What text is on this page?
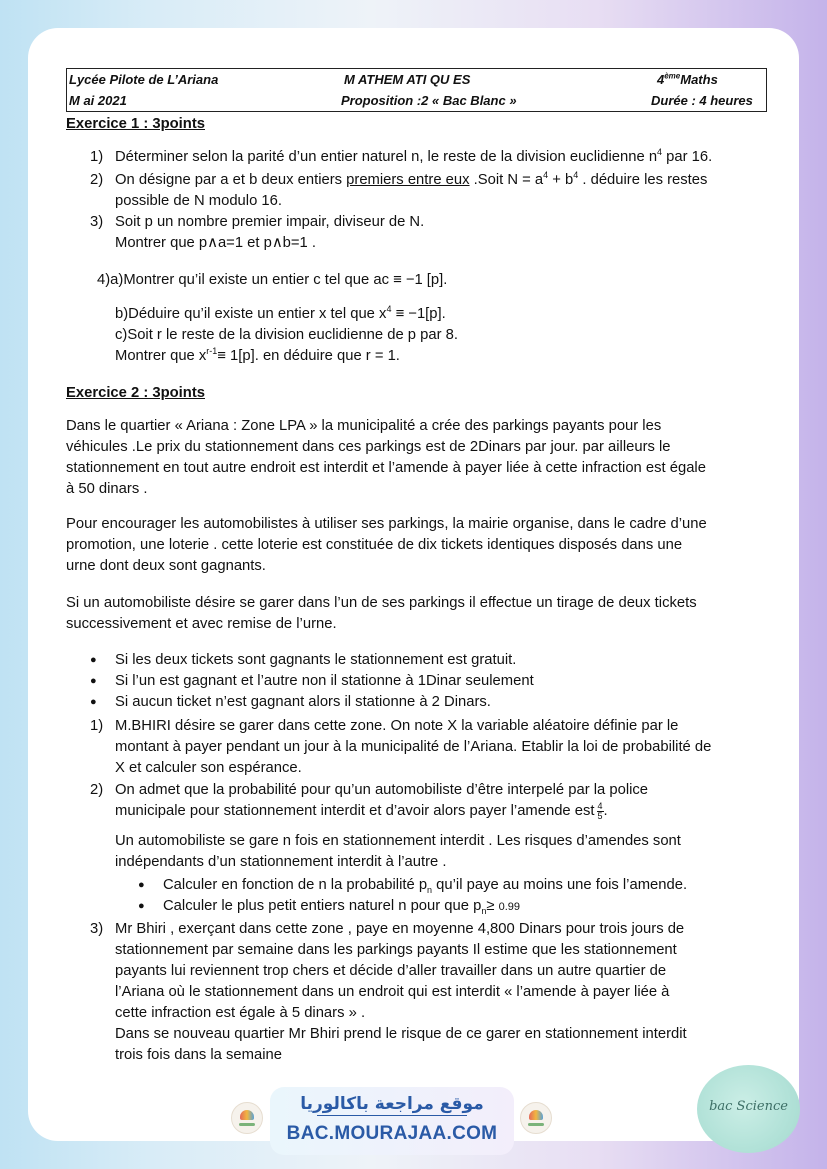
Lycée Pilote de L’Ariana	M ATHEM ATI QU ES	4èmeMaths
M ai 2021	Proposition :2 « Bac Blanc »	Durée : 4 heures
Exercice 1 : 3points
1) Déterminer selon la parité d’un entier naturel n, le reste de la division euclidienne $n^4$ par 16.
2) On désigne par a et b deux entiers premiers entre eux .Soit $N = a^4 + b^4$ . déduire les restes
possible de N modulo 16.
3) Soit p un nombre premier impair, diviseur de N.
Montrer que p∧a=1 et p∧b=1 .
4)a)Montrer qu’il existe un entier c tel que ac ≡ −1 [p].
b)Déduire qu’il existe un entier x tel que $x^4 \equiv -1[p]$.
c)Soit r le reste de la division euclidienne de p par 8.
Montrer que $x^{r-1}\equiv 1[p]$. en déduire que r = 1.
Exercice 2 : 3points
Dans le quartier « Ariana : Zone LPA » la municipalité a crée des parkings payants pour les
véhicules .Le prix du stationnement dans ces parkings est de 2Dinars par jour. par ailleurs le
stationnement en tout autre endroit est interdit et l’amende à payer liée à cette infraction est égale
à 50 dinars .
Pour encourager les automobilistes à utiliser ses parkings, la mairie organise, dans le cadre d’une
promotion, une loterie . cette loterie est constituée de dix tickets identiques disposés dans une
urne dont deux sont gagnants.
Si un automobiliste désire se garer dans l’un de ses parkings il effectue un tirage de deux tickets
successivement et avec remise de l’urne.
● Si les deux tickets sont gagnants le stationnement est gratuit.
● Si l’un est gagnant et l’autre non il stationne à 1Dinar seulement
● Si aucun ticket n’est gagnant alors il stationne à 2 Dinars.
1) M.BHIRI désire se garer dans cette zone. On note X la variable aléatoire définie par le
montant à payer pendant un jour à la municipalité de l’Ariana. Etablir la loi de probabilité de
X et calculer son espérance.
2) On admet que la probabilité pour qu’un automobiliste d’être interpelé par la police
municipale pour stationnement interdit et d’avoir alors payer l’amende est $\frac{4}{5}$ .
Un automobiliste se gare n fois en stationnement interdit . Les risques d’amendes sont
indépendants d’un stationnement interdit à l’autre .
● Calculer en fonction de n la probabilité $p_n$ qu’il paye au moins une fois l’amende.
● Calculer le plus petit entiers naturel n pour que $p_n\ge 0.99$
3) Mr Bhiri , exerçant dans cette zone , paye en moyenne 4,800 Dinars pour trois jours de
stationnement par semaine dans les parkings payants Il estime que les stationnement
payants lui reviennent trop chers et décide d’aller travailler dans un autre quartier de
l’Ariana où le stationnement dans un endroit qui est interdit « l’amende à payer liée à
cette infraction est égale à 5 dinars » .
Dans se nouveau quartier Mr Bhiri prend le risque de ce garer en stationnement interdit
trois fois dans la semaine
موقع مراجعة باكالوريا
BAC.MOURAJAA.COM
bac Science
